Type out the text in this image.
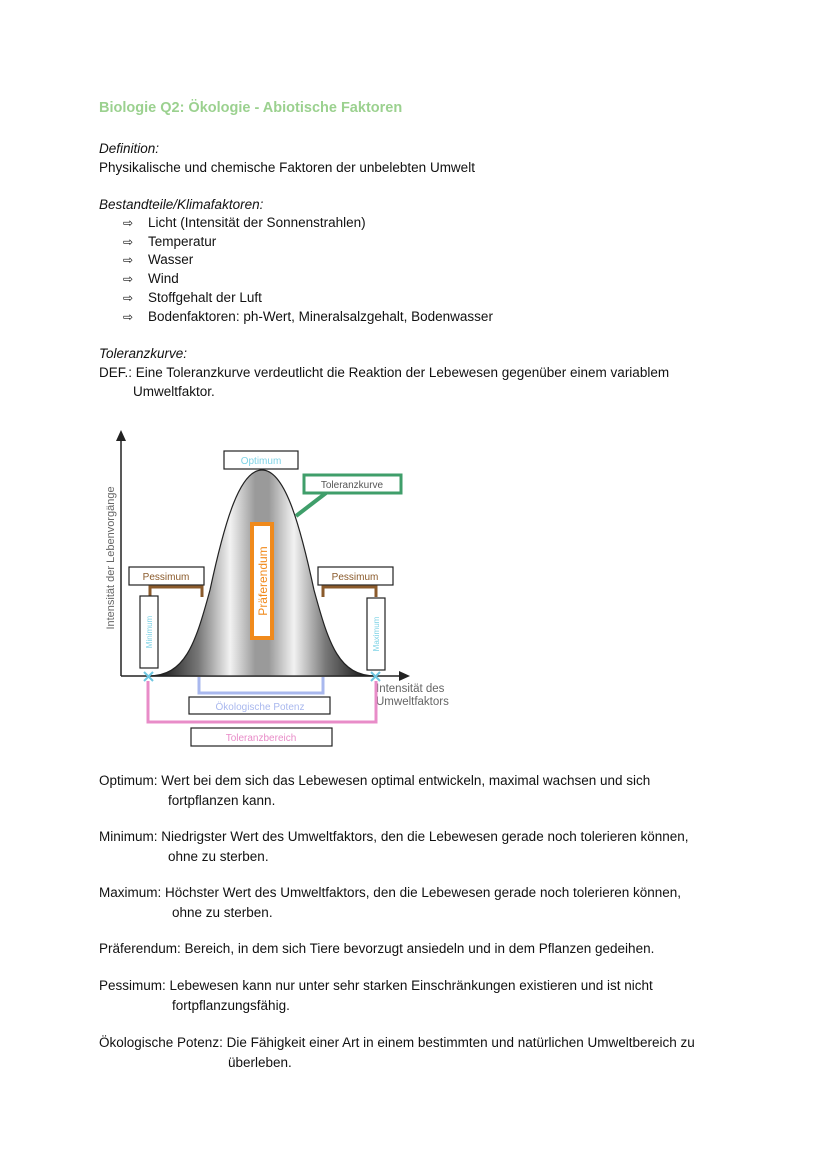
Biologie Q2: Ökologie - Abiotische Faktoren
Definition:
Physikalische und chemische Faktoren der unbelebten Umwelt
Bestandteile/Klimafaktoren:
⇨ Licht (Intensität der Sonnenstrahlen)
⇨ Temperatur
⇨ Wasser
⇨ Wind
⇨ Stoffgehalt der Luft
⇨ Bodenfaktoren: ph-Wert, Mineralsalzgehalt, Bodenwasser
Toleranzkurve:
DEF.: Eine Toleranzkurve verdeutlicht die Reaktion der Lebewesen gegenüber einem variablem
Umweltfaktor.
Optimum
Toleranzkurve
Pessimum	Pessimum
Minimum	Maximum
Präferendum
Intensität der Lebenvorgänge
Intensität des
Umweltfaktors
Ökologische Potenz
Toleranzbereich
Optimum: Wert bei dem sich das Lebewesen optimal entwickeln, maximal wachsen und sich
fortpflanzen kann.
Minimum: Niedrigster Wert des Umweltfaktors, den die Lebewesen gerade noch tolerieren können,
ohne zu sterben.
Maximum: Höchster Wert des Umweltfaktors, den die Lebewesen gerade noch tolerieren können,
ohne zu sterben.
Präferendum: Bereich, in dem sich Tiere bevorzugt ansiedeln und in dem Pflanzen gedeihen.
Pessimum: Lebewesen kann nur unter sehr starken Einschränkungen existieren und ist nicht
fortpflanzungsfähig.
Ökologische Potenz: Die Fähigkeit einer Art in einem bestimmten und natürlichen Umweltbereich zu
überleben.
